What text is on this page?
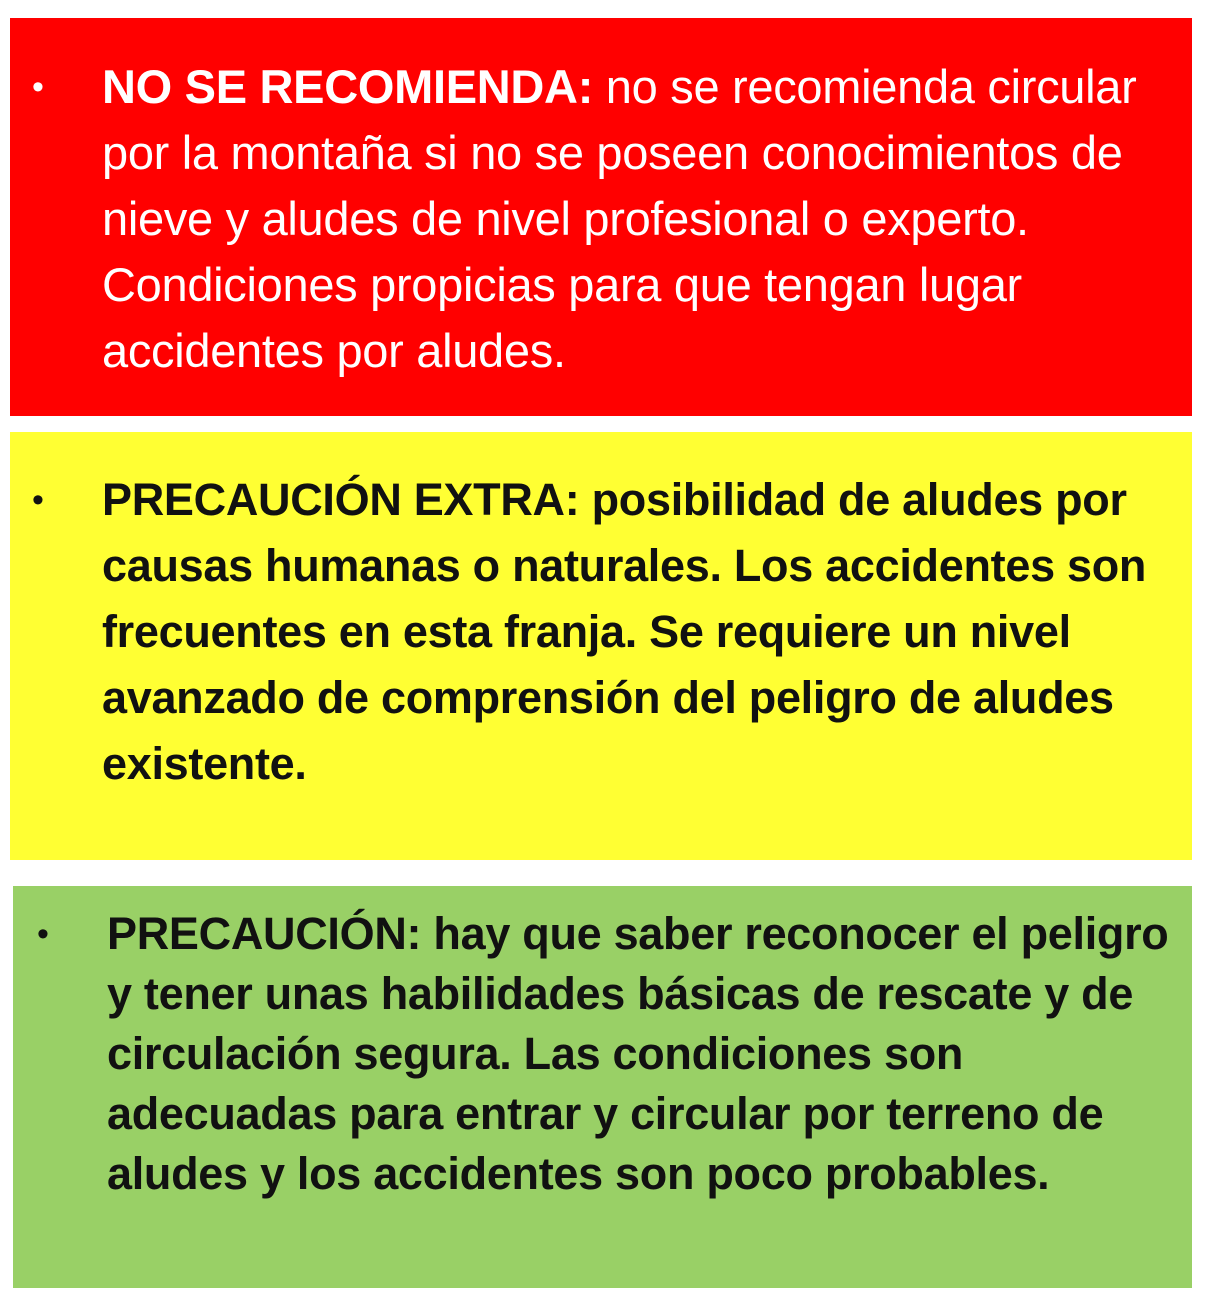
•	NO SE RECOMIENDA: no se recomienda circular por la montaña si no se poseen conocimientos de nieve y aludes de nivel profesional o experto. Condiciones propicias para que tengan lugar accidentes por aludes.
•	PRECAUCIÓN EXTRA: posibilidad de aludes por causas humanas o naturales. Los accidentes son frecuentes en esta franja. Se requiere un nivel avanzado de comprensión del peligro de aludes existente.
•	PRECAUCIÓN: hay que saber reconocer el peligro y tener unas habilidades básicas de rescate y de circulación segura. Las condiciones son adecuadas para entrar y circular por terreno de aludes y los accidentes son poco probables.
